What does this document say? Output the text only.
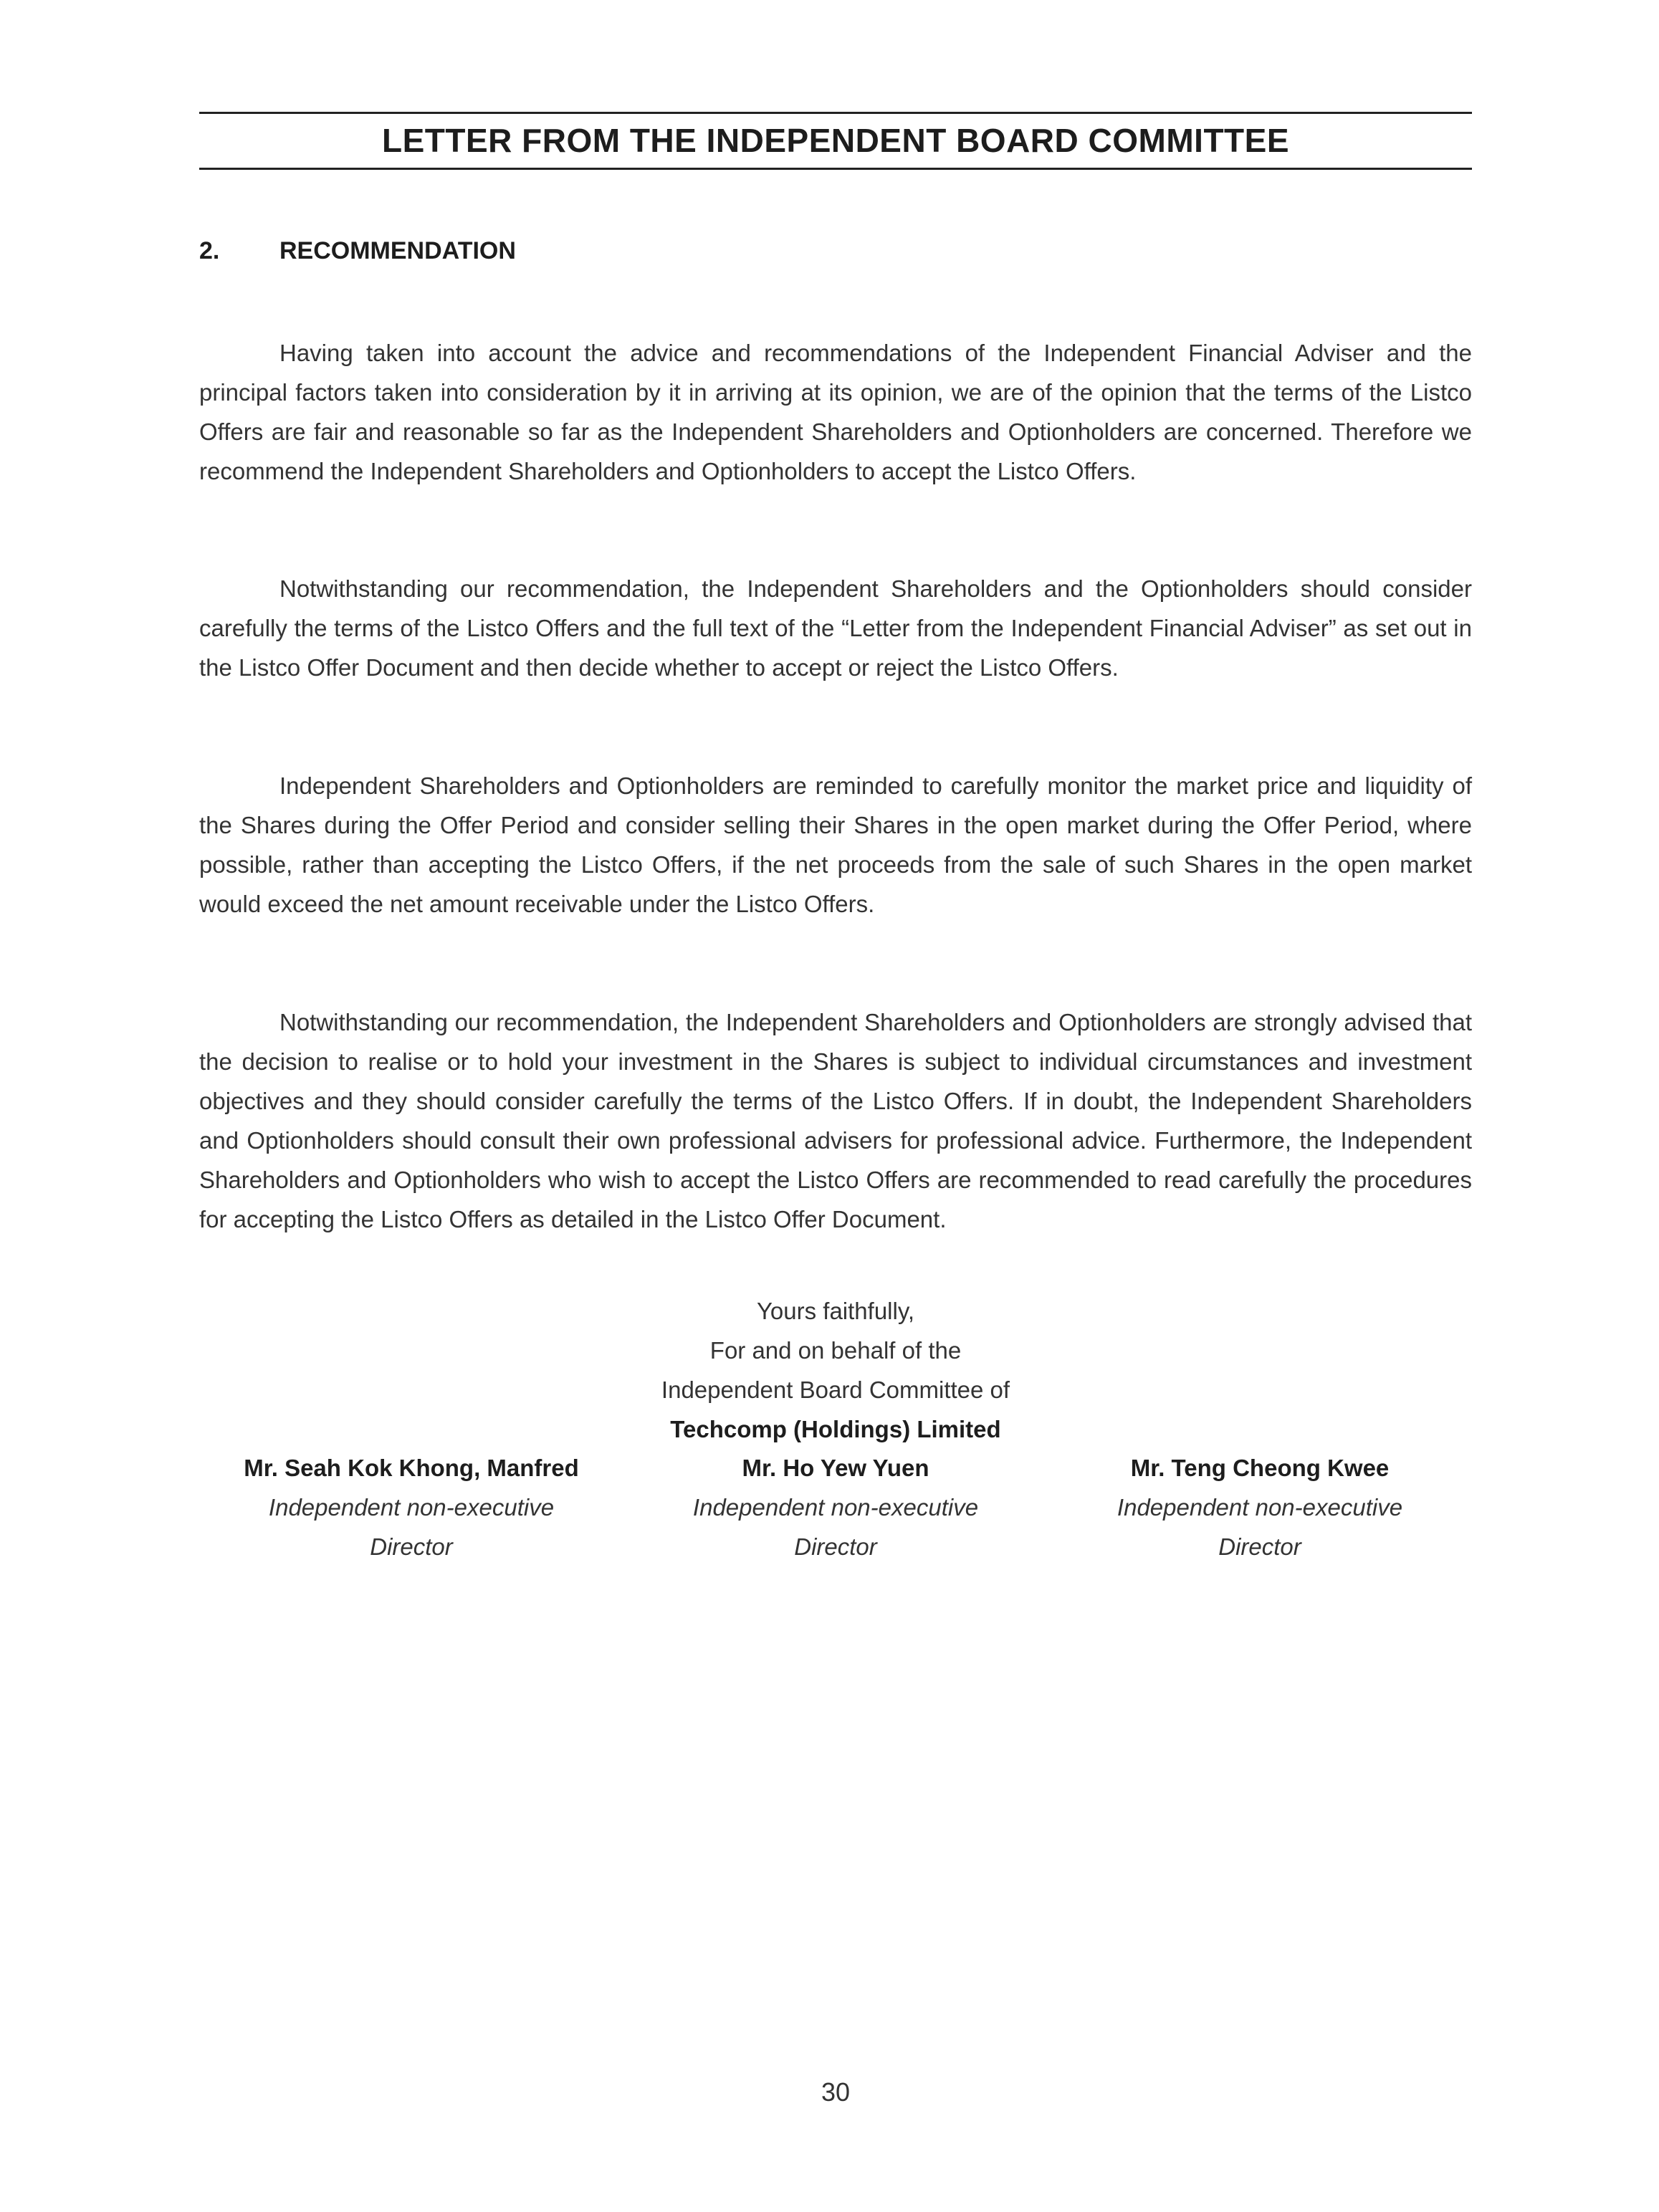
LETTER FROM THE INDEPENDENT BOARD COMMITTEE
2. RECOMMENDATION

Having taken into account the advice and recommendations of the Independent Financial Adviser and the principal factors taken into consideration by it in arriving at its opinion, we are of the opinion that the terms of the Listco Offers are fair and reasonable so far as the Independent Shareholders and Optionholders are concerned. Therefore we recommend the Independent Shareholders and Optionholders to accept the Listco Offers.

Notwithstanding our recommendation, the Independent Shareholders and the Optionholders should consider carefully the terms of the Listco Offers and the full text of the “Letter from the Independent Financial Adviser” as set out in the Listco Offer Document and then decide whether to accept or reject the Listco Offers.

Independent Shareholders and Optionholders are reminded to carefully monitor the market price and liquidity of the Shares during the Offer Period and consider selling their Shares in the open market during the Offer Period, where possible, rather than accepting the Listco Offers, if the net proceeds from the sale of such Shares in the open market would exceed the net amount receivable under the Listco Offers.

Notwithstanding our recommendation, the Independent Shareholders and Optionholders are strongly advised that the decision to realise or to hold your investment in the Shares is subject to individual circumstances and investment objectives and they should consider carefully the terms of the Listco Offers. If in doubt, the Independent Shareholders and Optionholders should consult their own professional advisers for professional advice. Furthermore, the Independent Shareholders and Optionholders who wish to accept the Listco Offers are recommended to read carefully the procedures for accepting the Listco Offers as detailed in the Listco Offer Document.

Yours faithfully,
For and on behalf of the
Independent Board Committee of
Techcomp (Holdings) Limited
Mr. Seah Kok Khong, Manfred
Independent non-executive
Director
Mr. Ho Yew Yuen
Independent non-executive
Director
Mr. Teng Cheong Kwee
Independent non-executive
Director
30
